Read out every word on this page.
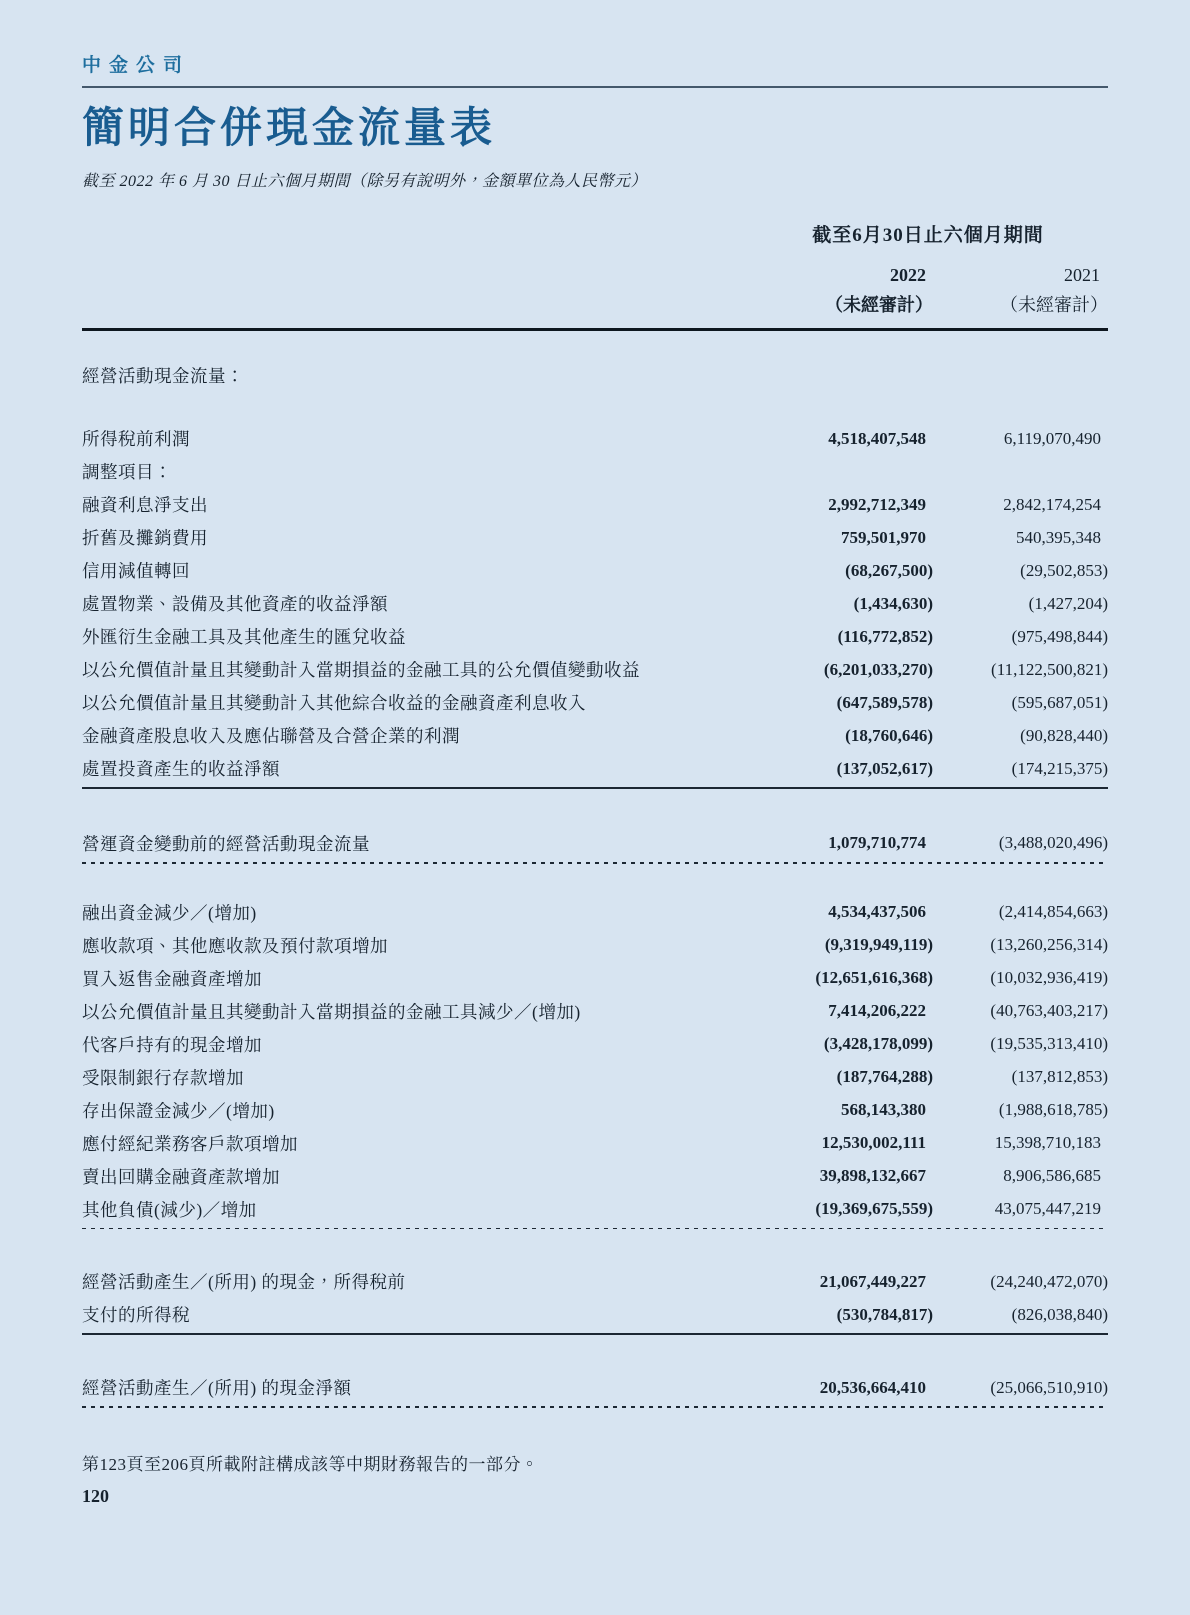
中金公司
簡明合併現金流量表
截至 2022 年 6 月 30 日止六個月期間（除另有說明外，金額單位為人民幣元）
截至6月30日止六個月期間
2022	2021
（未經審計）	（未經審計）
經營活動現金流量：
所得稅前利潤	4,518,407,548	6,119,070,490
調整項目：
融資利息淨支出	2,992,712,349	2,842,174,254
折舊及攤銷費用	759,501,970	540,395,348
信用減值轉回	(68,267,500)	(29,502,853)
處置物業、設備及其他資產的收益淨額	(1,434,630)	(1,427,204)
外匯衍生金融工具及其他產生的匯兌收益	(116,772,852)	(975,498,844)
以公允價值計量且其變動計入當期損益的金融工具的公允價值變動收益	(6,201,033,270)	(11,122,500,821)
以公允價值計量且其變動計入其他綜合收益的金融資產利息收入	(647,589,578)	(595,687,051)
金融資產股息收入及應佔聯營及合營企業的利潤	(18,760,646)	(90,828,440)
處置投資產生的收益淨額	(137,052,617)	(174,215,375)
營運資金變動前的經營活動現金流量	1,079,710,774	(3,488,020,496)
融出資金減少／(增加)	4,534,437,506	(2,414,854,663)
應收款項、其他應收款及預付款項增加	(9,319,949,119)	(13,260,256,314)
買入返售金融資產增加	(12,651,616,368)	(10,032,936,419)
以公允價值計量且其變動計入當期損益的金融工具減少／(增加)	7,414,206,222	(40,763,403,217)
代客戶持有的現金增加	(3,428,178,099)	(19,535,313,410)
受限制銀行存款增加	(187,764,288)	(137,812,853)
存出保證金減少／(增加)	568,143,380	(1,988,618,785)
應付經紀業務客戶款項增加	12,530,002,111	15,398,710,183
賣出回購金融資產款增加	39,898,132,667	8,906,586,685
其他負債(減少)／增加	(19,369,675,559)	43,075,447,219
經營活動產生／(所用) 的現金，所得稅前	21,067,449,227	(24,240,472,070)
支付的所得稅	(530,784,817)	(826,038,840)
經營活動產生／(所用) 的現金淨額	20,536,664,410	(25,066,510,910)
第123頁至206頁所載附註構成該等中期財務報告的一部分。
120
